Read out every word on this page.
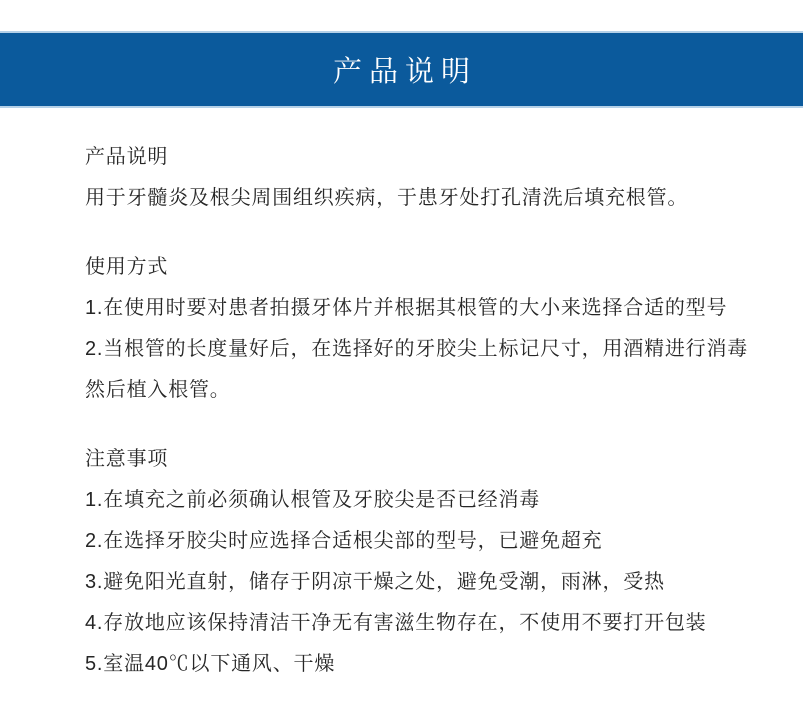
产品说明

产品说明

用于牙髓炎及根尖周围组织疾病，于患牙处打孔清洗后填充根管。

使用方式

1.在使用时要对患者拍摄牙体片并根据其根管的大小来选择合适的型号

2.当根管的长度量好后，在选择好的牙胶尖上标记尺寸，用酒精进行消毒然后植入根管。

注意事项

1.在填充之前必须确认根管及牙胶尖是否已经消毒

2.在选择牙胶尖时应选择合适根尖部的型号，已避免超充

3.避免阳光直射，储存于阴凉干燥之处，避免受潮，雨淋，受热

4.存放地应该保持清洁干净无有害滋生物存在，不使用不要打开包装

5.室温40℃以下通风、干燥
